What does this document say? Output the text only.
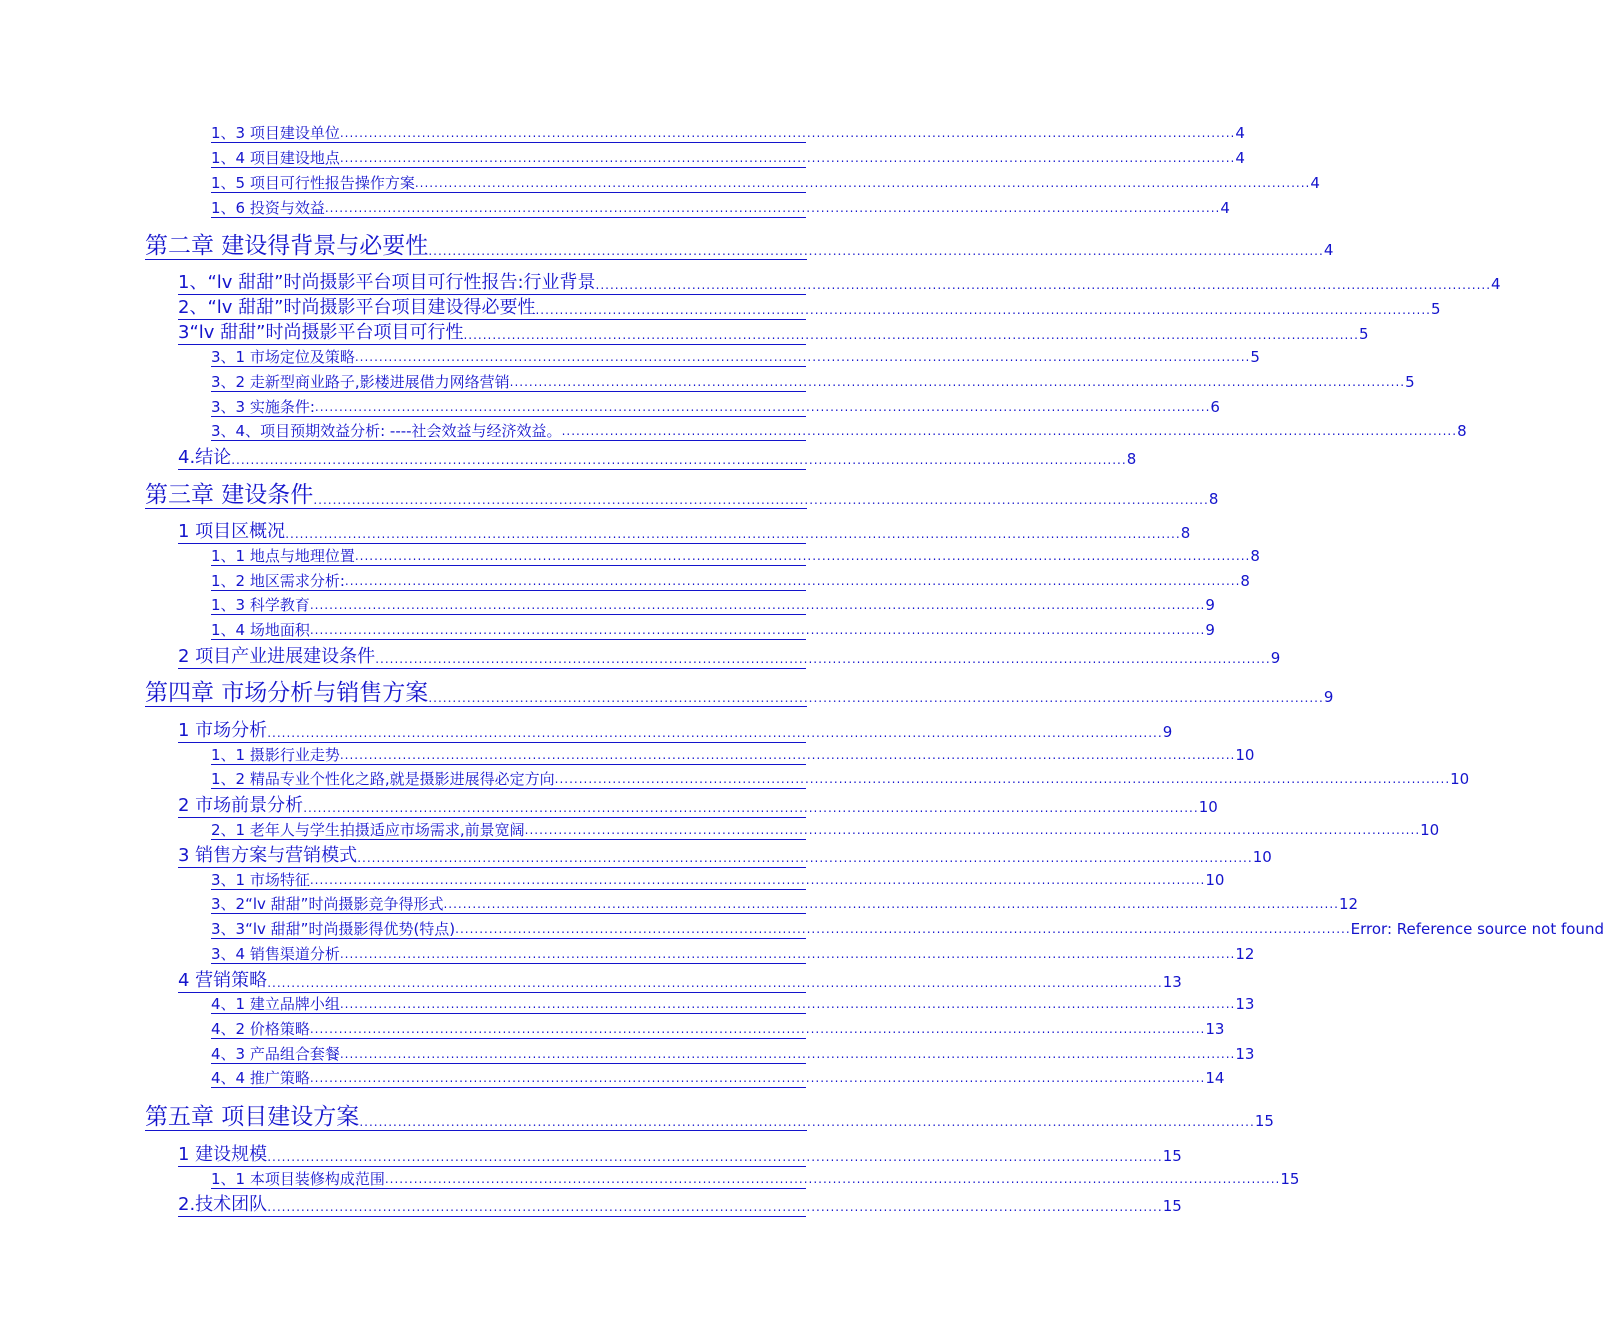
1、3 项目建设单位 .......................................................................................................................................................................................... 4
1、4 项目建设地点 .......................................................................................................................................................................................... 4
1、5 项目可行性报告操作方案 .......................................................................................................................................................................................... 4
1、6 投资与效益 .......................................................................................................................................................................................... 4
第二章 建设得背景与必要性 .......................................................................................................................................................................................... 4
1、“lv 甜甜”时尚摄影平台项目可行性报告:行业背景 .......................................................................................................................................................................................... 4
2、“lv 甜甜”时尚摄影平台项目建设得必要性 .......................................................................................................................................................................................... 5
3“lv 甜甜”时尚摄影平台项目可行性 .......................................................................................................................................................................................... 5
3、1 市场定位及策略 .......................................................................................................................................................................................... 5
3、2 走新型商业路子,影楼进展借力网络营销 .......................................................................................................................................................................................... 5
3、3 实施条件: .......................................................................................................................................................................................... 6
3、4、项目预期效益分析: ----社会效益与经济效益。 .......................................................................................................................................................................................... 8
4.结论 .......................................................................................................................................................................................... 8
第三章 建设条件 .......................................................................................................................................................................................... 8
1 项目区概况 .......................................................................................................................................................................................... 8
1、1 地点与地理位置 .......................................................................................................................................................................................... 8
1、2 地区需求分析: .......................................................................................................................................................................................... 8
1、3 科学教育 .......................................................................................................................................................................................... 9
1、4 场地面积 .......................................................................................................................................................................................... 9
2 项目产业进展建设条件 .......................................................................................................................................................................................... 9
第四章 市场分析与销售方案 .......................................................................................................................................................................................... 9
1 市场分析 .......................................................................................................................................................................................... 9
1、1 摄影行业走势 .......................................................................................................................................................................................... 10
1、2 精品专业个性化之路,就是摄影进展得必定方向 .......................................................................................................................................................................................... 10
2 市场前景分析 .......................................................................................................................................................................................... 10
2、1 老年人与学生拍摄适应市场需求,前景宽阔 .......................................................................................................................................................................................... 10
3 销售方案与营销模式 .......................................................................................................................................................................................... 10
3、1 市场特征 .......................................................................................................................................................................................... 10
3、2“lv 甜甜”时尚摄影竞争得形式 .......................................................................................................................................................................................... 12
3、3“lv 甜甜”时尚摄影得优势(特点) .......................................................................................................................................................................................... Error: Reference source not found
3、4 销售渠道分析 .......................................................................................................................................................................................... 12
4 营销策略 .......................................................................................................................................................................................... 13
4、1 建立品牌小组 .......................................................................................................................................................................................... 13
4、2 价格策略 .......................................................................................................................................................................................... 13
4、3 产品组合套餐 .......................................................................................................................................................................................... 13
4、4 推广策略 .......................................................................................................................................................................................... 14
第五章 项目建设方案 .......................................................................................................................................................................................... 15
1 建设规模 .......................................................................................................................................................................................... 15
1、1 本项目装修构成范围 .......................................................................................................................................................................................... 15
2.技术团队 .......................................................................................................................................................................................... 15
